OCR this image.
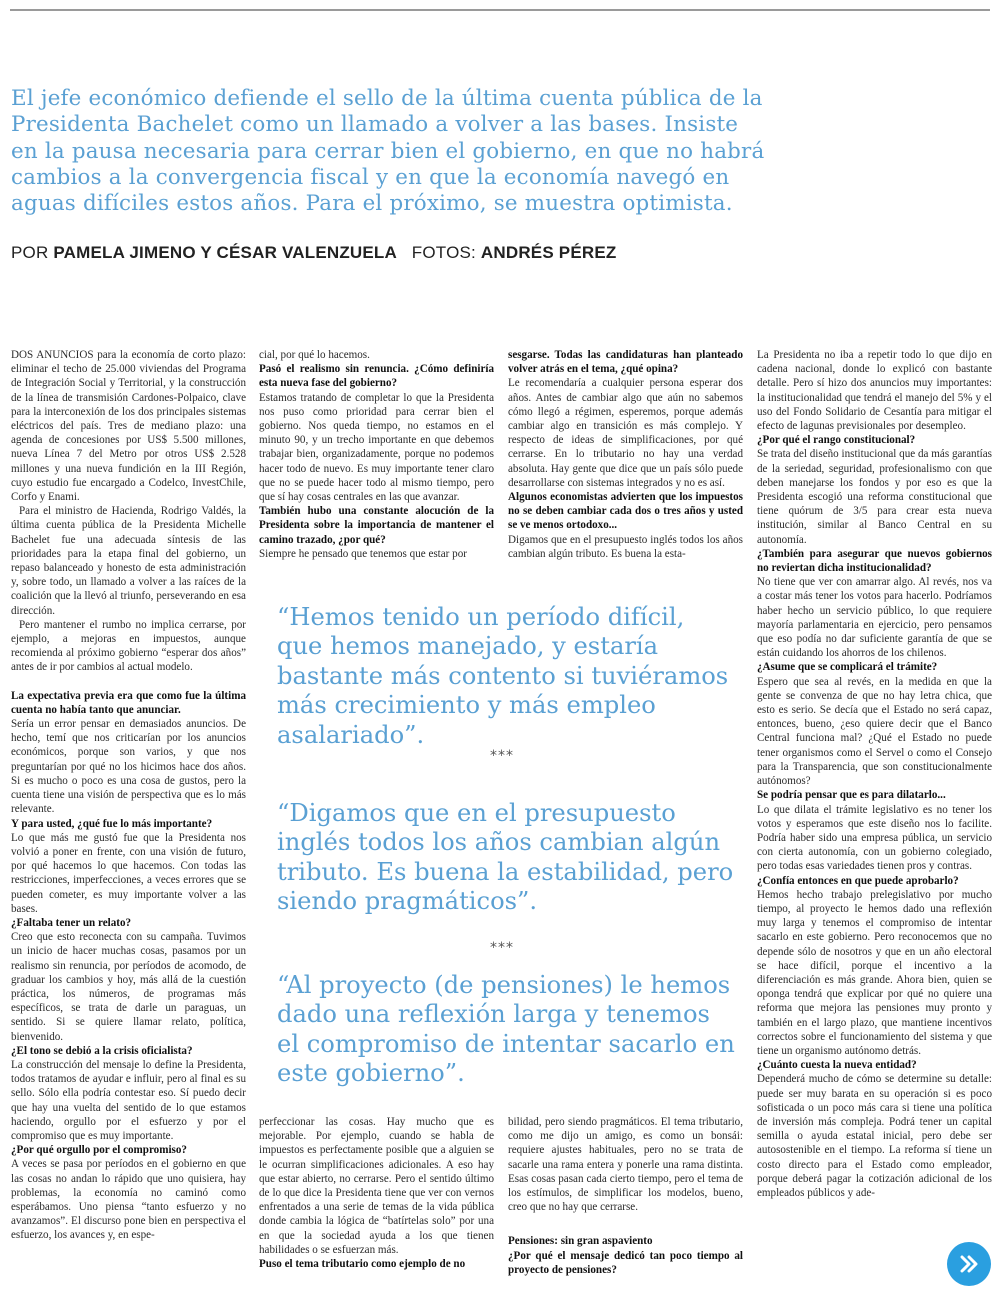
El jefe económico defiende el sello de la última cuenta pública de la Presidenta Bachelet como un llamado a volver a las bases. Insiste en la pausa necesaria para cerrar bien el gobierno, en que no habrá cambios a la convergencia fiscal y en que la economía navegó en aguas difíciles estos años. Para el próximo, se muestra optimista.

POR PAMELA JIMENO Y CÉSAR VALENZUELA FOTOS: ANDRÉS PÉREZ

DOS ANUNCIOS para la economía de corto plazo: eliminar el techo de 25.000 viviendas del Programa de Integración Social y Territorial, y la construcción de la línea de transmisión Cardones-Polpaico, clave para la interconexión de los dos principales sistemas eléctricos del país. Tres de mediano plazo: una agenda de concesiones por US$ 5.500 millones, nueva Línea 7 del Metro por otros US$ 2.528 millones y una nueva fundición en la III Región, cuyo estudio fue encargado a Codelco, InvestChile, Corfo y Enami.

Para el ministro de Hacienda, Rodrigo Valdés, la última cuenta pública de la Presidenta Michelle Bachelet fue una adecuada síntesis de las prioridades para la etapa final del gobierno, un repaso balanceado y honesto de esta administración y, sobre todo, un llamado a volver a las raíces de la coalición que la llevó al triunfo, perseverando en esa dirección.

Pero mantener el rumbo no implica cerrarse, por ejemplo, a mejoras en impuestos, aunque recomienda al próximo gobierno “esperar dos años” antes de ir por cambios al actual modelo.

La expectativa previa era que como fue la última cuenta no había tanto que anunciar.

Sería un error pensar en demasiados anuncios. De hecho, temí que nos criticarían por los anuncios económicos, porque son varios, y que nos preguntarían por qué no los hicimos hace dos años. Si es mucho o poco es una cosa de gustos, pero la cuenta tiene una visión de perspectiva que es lo más relevante.

Y para usted, ¿qué fue lo más importante?

Lo que más me gustó fue que la Presidenta nos volvió a poner en frente, con una visión de futuro, por qué hacemos lo que hacemos. Con todas las restricciones, imperfecciones, a veces errores que se pueden cometer, es muy importante volver a las bases.

¿Faltaba tener un relato?

Creo que esto reconecta con su campaña. Tuvimos un inicio de hacer muchas cosas, pasamos por un realismo sin renuncia, por períodos de acomodo, de graduar los cambios y hoy, más allá de la cuestión práctica, los números, de programas más específicos, se trata de darle un paraguas, un sentido. Si se quiere llamar relato, política, bienvenido.

¿El tono se debió a la crisis oficialista?

La construcción del mensaje lo define la Presidenta, todos tratamos de ayudar e influir, pero al final es su sello. Sólo ella podría contestar eso. Sí puedo decir que hay una vuelta del sentido de lo que estamos haciendo, orgullo por el esfuerzo y por el compromiso que es muy importante.

¿Por qué orgullo por el compromiso?

A veces se pasa por períodos en el gobierno en que las cosas no andan lo rápido que uno quisiera, hay problemas, la economía no caminó como esperábamos. Uno piensa “tanto esfuerzo y no avanzamos”. El discurso pone bien en perspectiva el esfuerzo, los avances y, en espe-

cial, por qué lo hacemos.

Pasó el realismo sin renuncia. ¿Cómo definiría esta nueva fase del gobierno?

Estamos tratando de completar lo que la Presidenta nos puso como prioridad para cerrar bien el gobierno. Nos queda tiempo, no estamos en el minuto 90, y un trecho importante en que debemos trabajar bien, organizadamente, porque no podemos hacer todo de nuevo. Es muy importante tener claro que no se puede hacer todo al mismo tiempo, pero que sí hay cosas centrales en las que avanzar.

También hubo una constante alocución de la Presidenta sobre la importancia de mantener el camino trazado, ¿por qué?

Siempre he pensado que tenemos que estar por

sesgarse. Todas las candidaturas han planteado volver atrás en el tema, ¿qué opina?

Le recomendaría a cualquier persona esperar dos años. Antes de cambiar algo que aún no sabemos cómo llegó a régimen, esperemos, porque además cambiar algo en transición es más complejo. Y respecto de ideas de simplificaciones, por qué cerrarse. En lo tributario no hay una verdad absoluta. Hay gente que dice que un país sólo puede desarrollarse con sistemas integrados y no es así.

Algunos economistas advierten que los impuestos no se deben cambiar cada dos o tres años y usted se ve menos ortodoxo...

Digamos que en el presupuesto inglés todos los años cambian algún tributo. Es buena la esta-

La Presidenta no iba a repetir todo lo que dijo en cadena nacional, donde lo explicó con bastante detalle. Pero sí hizo dos anuncios muy importantes: la institucionalidad que tendrá el manejo del 5% y el uso del Fondo Solidario de Cesantía para mitigar el efecto de lagunas previsionales por desempleo.

¿Por qué el rango constitucional?

Se trata del diseño institucional que da más garantías de la seriedad, seguridad, profesionalismo con que deben manejarse los fondos y por eso es que la Presidenta escogió una reforma constitucional que tiene quórum de 3/5 para crear esta nueva institución, similar al Banco Central en su autonomía.

¿También para asegurar que nuevos gobiernos no reviertan dicha institucionalidad?

No tiene que ver con amarrar algo. Al revés, nos va a costar más tener los votos para hacerlo. Podríamos haber hecho un servicio público, lo que requiere mayoría parlamentaria en ejercicio, pero pensamos que eso podía no dar suficiente garantía de que se están cuidando los ahorros de los chilenos.

¿Asume que se complicará el trámite?

Espero que sea al revés, en la medida en que la gente se convenza de que no hay letra chica, que esto es serio. Se decía que el Estado no será capaz, entonces, bueno, ¿eso quiere decir que el Banco Central funciona mal? ¿Qué el Estado no puede tener organismos como el Servel o como el Consejo para la Transparencia, que son constitucionalmente autónomos?

Se podría pensar que es para dilatarlo...

Lo que dilata el trámite legislativo es no tener los votos y esperamos que este diseño nos lo facilite. Podría haber sido una empresa pública, un servicio con cierta autonomía, con un gobierno colegiado, pero todas esas variedades tienen pros y contras.

¿Confía entonces en que puede aprobarlo?

Hemos hecho trabajo prelegislativo por mucho tiempo, al proyecto le hemos dado una reflexión muy larga y tenemos el compromiso de intentar sacarlo en este gobierno. Pero reconocemos que no depende sólo de nosotros y que en un año electoral se hace difícil, porque el incentivo a la diferenciación es más grande. Ahora bien, quien se oponga tendrá que explicar por qué no quiere una reforma que mejora las pensiones muy pronto y también en el largo plazo, que mantiene incentivos correctos sobre el funcionamiento del sistema y que tiene un organismo autónomo detrás.

¿Cuánto cuesta la nueva entidad?

Dependerá mucho de cómo se determine su detalle: puede ser muy barata en su operación si es poco sofisticada o un poco más cara si tiene una política de inversión más compleja. Podrá tener un capital semilla o ayuda estatal inicial, pero debe ser autosostenible en el tiempo. La reforma sí tiene un costo directo para el Estado como empleador, porque deberá pagar la cotización adicional de los empleados públicos y ade-

perfeccionar las cosas. Hay mucho que es mejorable. Por ejemplo, cuando se habla de impuestos es perfectamente posible que a alguien se le ocurran simplificaciones adicionales. A eso hay que estar abierto, no cerrarse. Pero el sentido último de lo que dice la Presidenta tiene que ver con vernos enfrentados a una serie de temas de la vida pública donde cambia la lógica de “batírtelas solo” por una en que la sociedad ayuda a los que tienen habilidades o se esfuerzan más.

Puso el tema tributario como ejemplo de no

bilidad, pero siendo pragmáticos. El tema tributario, como me dijo un amigo, es como un bonsái: requiere ajustes habituales, pero no se trata de sacarle una rama entera y ponerle una rama distinta. Esas cosas pasan cada cierto tiempo, pero el tema de los estímulos, de simplificar los modelos, bueno, creo que no hay que cerrarse.

Pensiones: sin gran aspaviento

¿Por qué el mensaje dedicó tan poco tiempo al proyecto de pensiones?

“Hemos tenido un período difícil, que hemos manejado, y estaría bastante más contento si tuviéramos más crecimiento y más empleo asalariado”.

***

“Digamos que en el presupuesto inglés todos los años cambian algún tributo. Es buena la estabilidad, pero siendo pragmáticos”.

***

“Al proyecto (de pensiones) le hemos dado una reflexión larga y tenemos el compromiso de intentar sacarlo en este gobierno”.
